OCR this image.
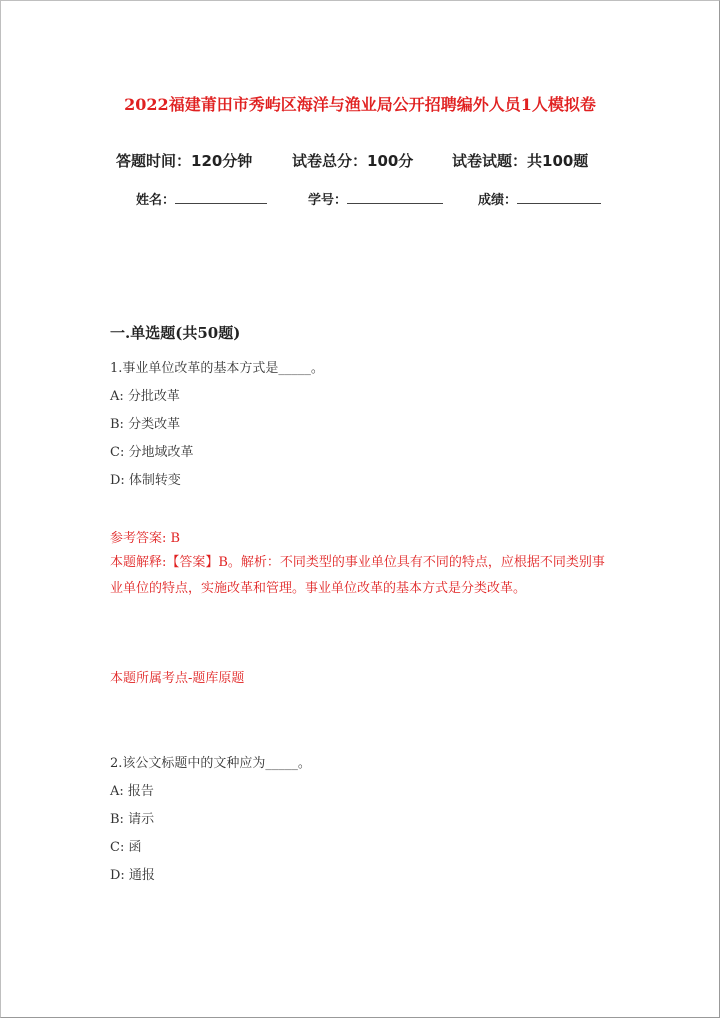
2022福建莆田市秀屿区海洋与渔业局公开招聘编外人员1人模拟卷
答题时间：120分钟	试卷总分：100分	试卷试题：共100题
姓名：	学号：	成绩：
一.单选题(共50题)
1.事业单位改革的基本方式是_____。
A: 分批改革
B: 分类改革
C: 分地域改革
D: 体制转变
参考答案: B
本题解释:【答案】B。解析：不同类型的事业单位具有不同的特点，应根据不同类别事业单位的特点，实施改革和管理。事业单位改革的基本方式是分类改革。
本题所属考点-题库原题
2.该公文标题中的文种应为_____。
A: 报告
B: 请示
C: 函
D: 通报
